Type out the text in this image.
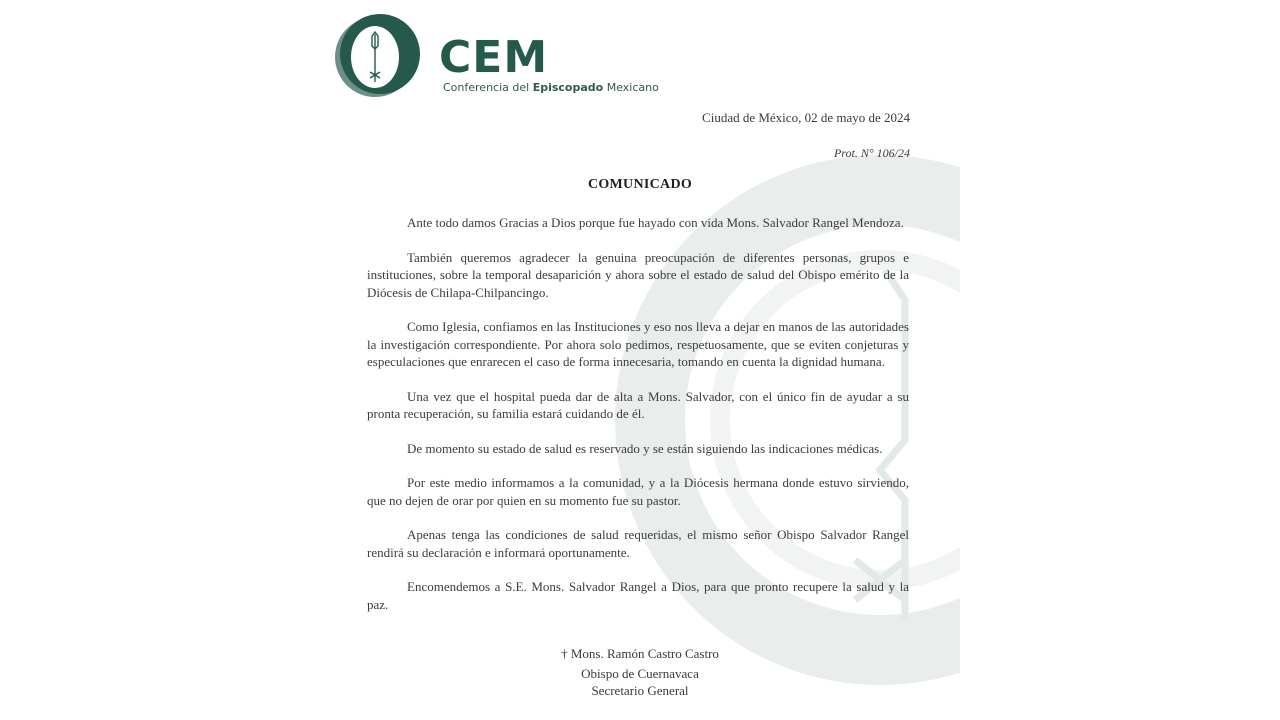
CEM
Conferencia del Episcopado Mexicano
Ciudad de México, 02 de mayo de 2024
Prot. N° 106/24
COMUNICADO

Ante todo damos Gracias a Dios porque fue hayado con vida Mons. Salvador Rangel Mendoza.

También queremos agradecer la genuina preocupación de diferentes personas, grupos e instituciones, sobre la temporal desaparición y ahora sobre el estado de salud del Obispo emérito de la Diócesis de Chilapa-Chilpancingo.

Como Iglesia, confiamos en las Instituciones y eso nos lleva a dejar en manos de las autoridades la investigación correspondiente. Por ahora solo pedimos, respetuosamente, que se eviten conjeturas y especulaciones que enrarecen el caso de forma innecesaria, tomando en cuenta la dignidad humana.

Una vez que el hospital pueda dar de alta a Mons. Salvador, con el único fin de ayudar a su pronta recuperación, su familia estará cuidando de él.

De momento su estado de salud es reservado y se están siguiendo las indicaciones médicas.

Por este medio informamos a la comunidad, y a la Diócesis hermana donde estuvo sirviendo, que no dejen de orar por quien en su momento fue su pastor.

Apenas tenga las condiciones de salud requeridas, el mismo señor Obispo Salvador Rangel rendirá su declaración e informará oportunamente.

Encomendemos a S.E. Mons. Salvador Rangel a Dios, para que pronto recupere la salud y la paz.

† Mons. Ramón Castro Castro
Obispo de Cuernavaca
Secretario General
